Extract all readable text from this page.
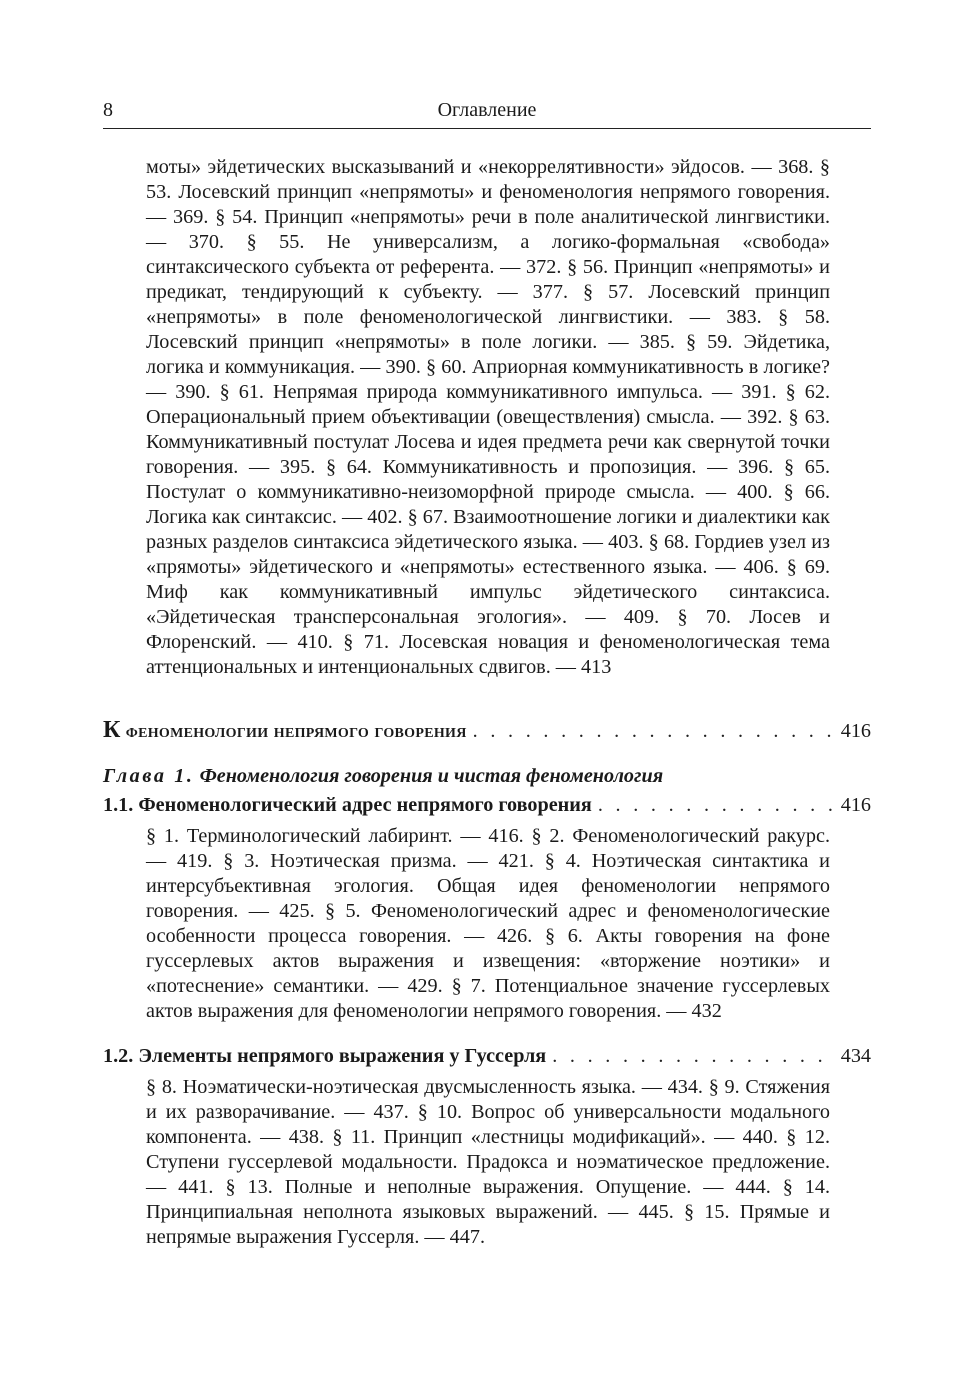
8	Оглавление

моты» эйдетических высказываний и «некоррелятивности» эйдосов. — 368. § 53. Лосевский принцип «непрямоты» и феноменология непрямого говорения. — 369. § 54. Принцип «непрямоты» речи в поле аналитической лингвистики. — 370. § 55. Не универсализм, а логико-формальная «свобода» синтаксического субъекта от референта. — 372. § 56. Принцип «непрямоты» и предикат, тендирующий к субъекту. — 377. § 57. Лосевский принцип «непрямоты» в поле феноменологической лингвистики. — 383. § 58. Лосевский принцип «непрямоты» в поле логики. — 385. § 59. Эйдетика, логика и коммуникация. — 390. § 60. Априорная коммуникативность в логике? — 390. § 61. Непрямая природа коммуникативного импульса. — 391. § 62. Операциональный прием объективации (овеществления) смысла. — 392. § 63. Коммуникативный постулат Лосева и идея предмета речи как свернутой точки говорения. — 395. § 64. Коммуникативность и пропозиция. — 396. § 65. Постулат о коммуникативно-неизоморфной природе смысла. — 400. § 66. Логика как синтаксис. — 402. § 67. Взаимоотношение логики и диалектики как разных разделов синтаксиса эйдетического языка. — 403. § 68. Гордиев узел из «прямоты» эйдетического и «непрямоты» естественного языка. — 406. § 69. Миф как коммуникативный импульс эйдетического синтаксиса. «Эйдетическая трансперсональная эгология». — 409. § 70. Лосев и Флоренский. — 410. § 71. Лосевская новация и феноменологическая тема аттенциональных и интенциональных сдвигов. — 413

К феноменологии непрямого говорения . . .	416
Глава 1. Феноменология говорения и чистая феноменология
1.1. Феноменологический адрес непрямого говорения . . .	416

§ 1. Терминологический лабиринт. — 416. § 2. Феноменологический ракурс. — 419. § 3. Ноэтическая призма. — 421. § 4. Ноэтическая синтактика и интерсубъективная эгология. Общая идея феноменологии непрямого говорения. — 425. § 5. Феноменологический адрес и феноменологические особенности процесса говорения. — 426. § 6. Акты говорения на фоне гуссерлевых актов выражения и извещения: «вторжение ноэтики» и «потеснение» семантики. — 429. § 7. Потенциальное значение гуссерлевых актов выражения для феноменологии непрямого говорения. — 432

1.2. Элементы непрямого выражения у Гуссерля . . .	434

§ 8. Ноэматически-ноэтическая двусмысленность языка. — 434. § 9. Стяжения и их разворачивание. — 437. § 10. Вопрос об универсальности модального компонента. — 438. § 11. Принцип «лестницы модификаций». — 440. § 12. Ступени гуссерлевой модальности. Прадокса и ноэматическое предложение. — 441. § 13. Полные и неполные выражения. Опущение. — 444. § 14. Принципиальная неполнота языковых выражений. — 445. § 15. Прямые и непрямые выражения Гуссерля. — 447.
